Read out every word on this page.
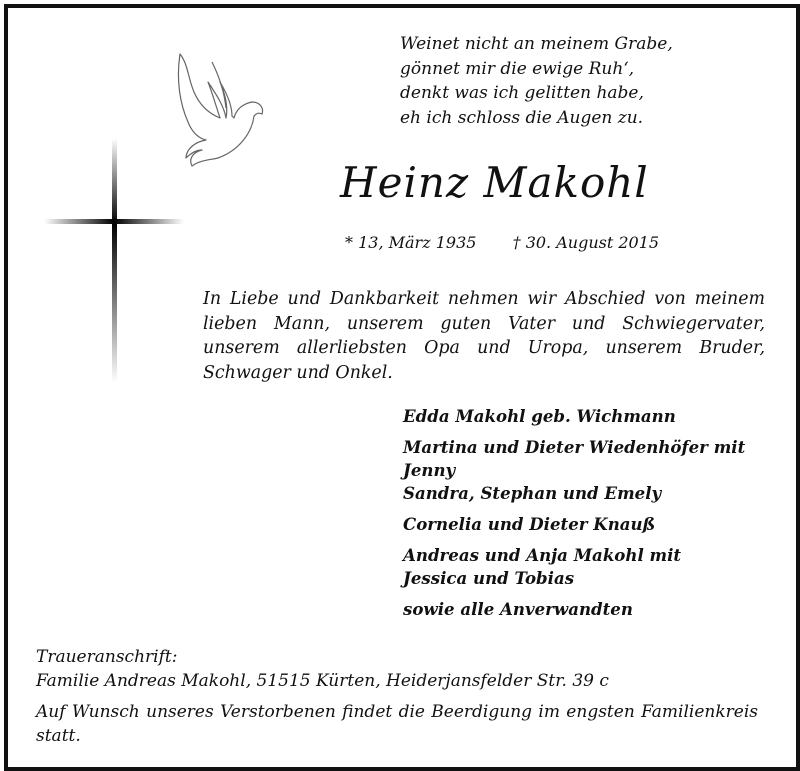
Weinet nicht an meinem Grabe,
gönnet mir die ewige Ruh‘,
denkt was ich gelitten habe,
eh ich schloss die Augen zu.
Heinz Makohl
* 13, März 1935 † 30. August 2015
In Liebe und Dankbarkeit nehmen wir Abschied von meinem lieben Mann, unserem guten Vater und Schwiegervater, unserem allerliebsten Opa und Uropa, unserem Bruder, Schwager und Onkel.
Edda Makohl geb. Wichmann
Martina und Dieter Wiedenhöfer mit Jenny
Sandra, Stephan und Emely
Cornelia und Dieter Knauß
Andreas und Anja Makohl mit Jessica und Tobias
sowie alle Anverwandten
Traueranschrift:
Familie Andreas Makohl, 51515 Kürten, Heiderjansfelder Str. 39 c
Auf Wunsch unseres Verstorbenen findet die Beerdigung im engsten Familienkreis statt.
